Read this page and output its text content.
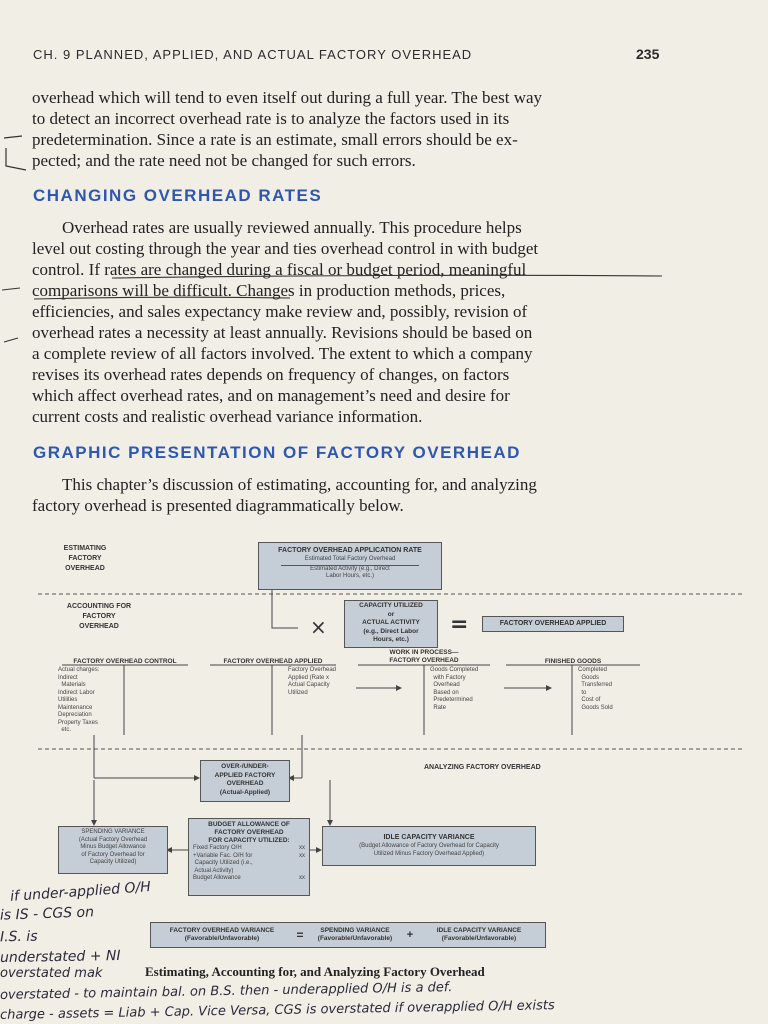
CH. 9 PLANNED, APPLIED, AND ACTUAL FACTORY OVERHEAD	235
overhead which will tend to even itself out during a full year. The best way
to detect an incorrect overhead rate is to analyze the factors used in its
predetermination. Since a rate is an estimate, small errors should be ex-
pected; and the rate need not be changed for such errors.
CHANGING OVERHEAD RATES
Overhead rates are usually reviewed annually. This procedure helps
level out costing through the year and ties overhead control in with budget
control. If rates are changed during a fiscal or budget period, meaningful
comparisons will be difficult. Changes in production methods, prices,
efficiencies, and sales expectancy make review and, possibly, revision of
overhead rates a necessity at least annually. Revisions should be based on
a complete review of all factors involved. The extent to which a company
revises its overhead rates depends on frequency of changes, on factors
which affect overhead rates, and on management’s need and desire for
current costs and realistic overhead variance information.
GRAPHIC PRESENTATION OF FACTORY OVERHEAD
This chapter’s discussion of estimating, accounting for, and analyzing
factory overhead is presented diagrammatically below.
ESTIMATING
FACTORY
OVERHEAD
FACTORY OVERHEAD APPLICATION RATE
Estimated Total Factory Overhead
Estimated Activity (e.g., Direct
Labor Hours, etc.)
ACCOUNTING FOR
FACTORY
OVERHEAD	×
CAPACITY UTILIZED
or
ACTUAL ACTIVITY
(e.g., Direct Labor
Hours, etc.)
=	FACTORY OVERHEAD APPLIED
FACTORY OVERHEAD CONTROL
Actual charges:
Indirect
Materials
Indirect Labor
Utilities
Maintenance
Depreciation
Property Taxes
etc.
FACTORY OVERHEAD APPLIED
Factory Overhead
Applied (Rate x
Actual Capacity
Utilized
WORK IN PROCESS—
FACTORY OVERHEAD
Goods Completed
with Factory
Overhead
Based on
Predetermined
Rate
FINISHED GOODS
Completed
Goods
Transferred
to
Cost of
Goods Sold
OVER-/UNDER-
APPLIED FACTORY
OVERHEAD
(Actual-Applied)
ANALYZING FACTORY OVERHEAD
BUDGET ALLOWANCE OF
FACTORY OVERHEAD
FOR CAPACITY UTILIZED:
Fixed Factory O/H	xx
+Variable Fac. O/H for
Capacity Utilized (i.e.,
Actual Activity)
xx
Budget Allowance	xx
SPENDING VARIANCE
(Actual Factory Overhead
Minus Budget Allowance
of Factory Overhead for
Capacity Utilized)
IDLE CAPACITY VARIANCE
(Budget Allowance of Factory Overhead for Capacity
Utilized Minus Factory Overhead Applied)
FACTORY OVERHEAD VARIANCE
(Favorable/Unfavorable)	=	SPENDING VARIANCE
(Favorable/Unfavorable)	+	IDLE CAPACITY VARIANCE
(Favorable/Unfavorable)
Estimating, Accounting for, and Analyzing Factory Overhead
if under-applied O/H
is IS - CGS on
I.S. is
understated + NI
overstated mak
overstated - to maintain bal. on B.S. then - underapplied O/H is a def.
charge - assets = Liab + Cap. Vice Versa, CGS is overstated if overapplied O/H exists
